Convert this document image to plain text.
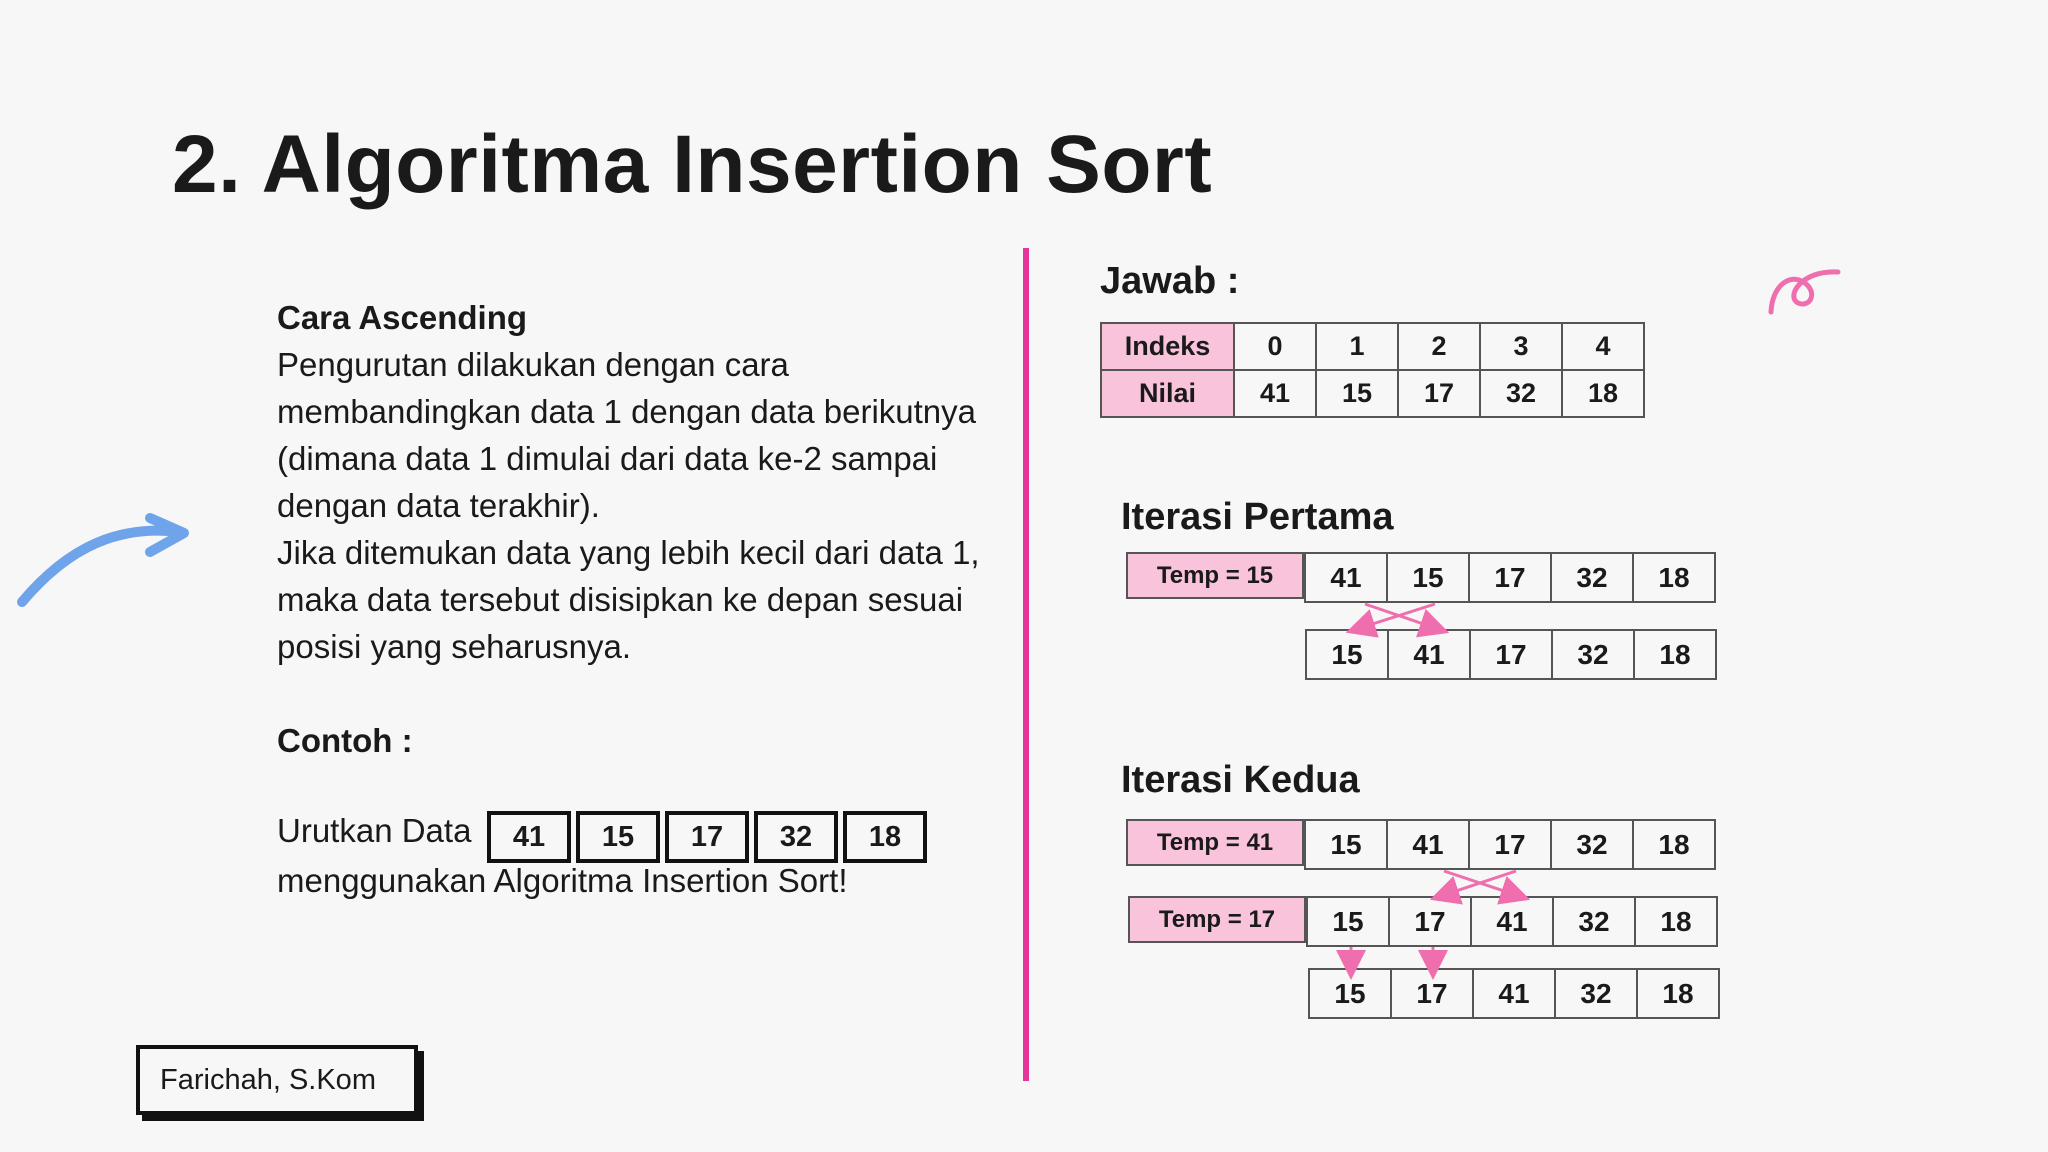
2. Algoritma Insertion Sort

Cara Ascending

Pengurutan dilakukan dengan cara

membandingkan data 1 dengan data berikutnya

(dimana data 1 dimulai dari data ke-2 sampai

dengan data terakhir).

Jika ditemukan data yang lebih kecil dari data 1,

maka data tersebut disisipkan ke depan sesuai

posisi yang seharusnya.

Contoh :
Urutkan Data	41	15	17	32	18
menggunakan Algoritma Insertion Sort!
Jawab :
Indeks	0	1	2	3	4
Nilai	41	15	17	32	18
Iterasi Pertama
Temp = 15	41	15	17	32	18
15	41	17	32	18
Iterasi Kedua
Temp = 41	15	41	17	32	18
Temp = 17	15	17	41	32	18
15	17	41	32	18
Farichah, S.Kom
